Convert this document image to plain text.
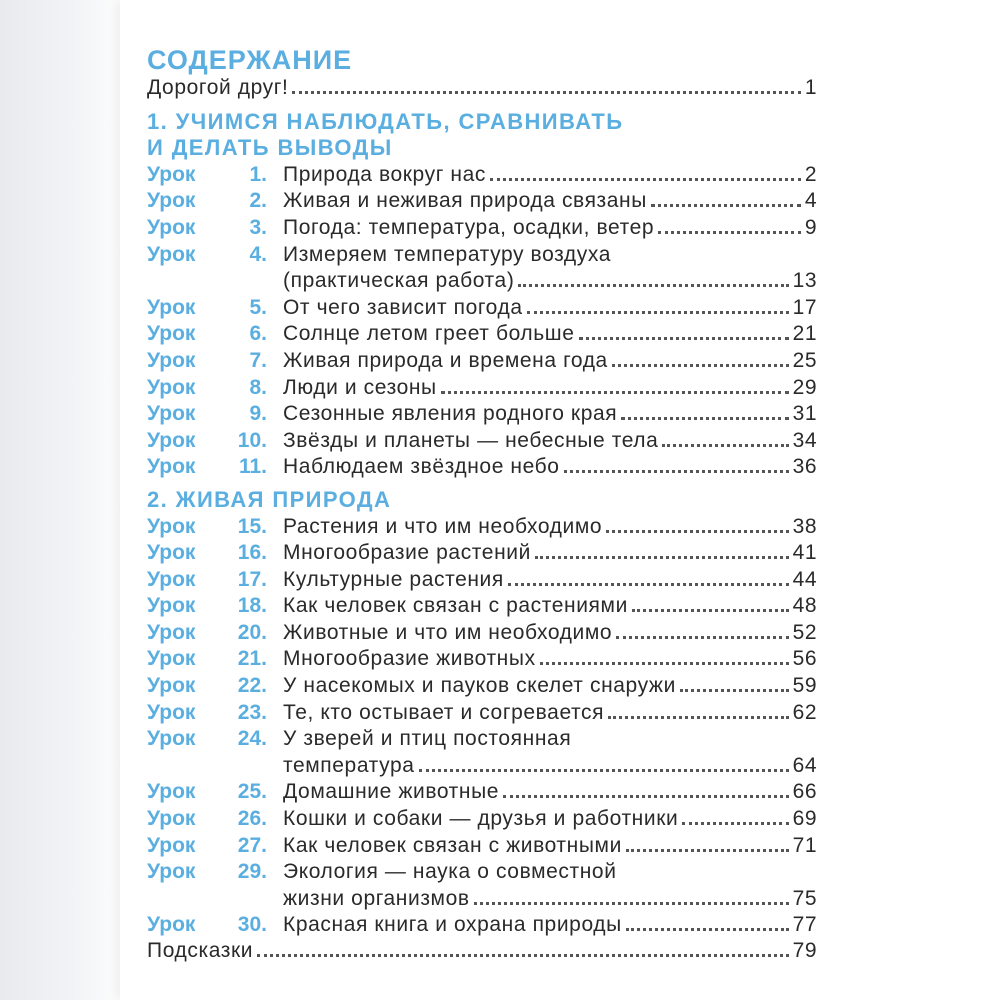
СОДЕРЖАНИЕ
Дорогой друг!	1
1. УЧИМСЯ НАБЛЮДАТЬ, СРАВНИВАТЬ
И ДЕЛАТЬ ВЫВОДЫ
Урок	1. Природа вокруг нас	2
Урок	2. Живая и неживая природа связаны	4
Урок	3. Погода: температура, осадки, ветер	9
Урок	4. Измеряем температуру воздуха
(практическая работа)	13
Урок	5. От чего зависит погода	17
Урок	6. Солнце летом греет больше	21
Урок	7. Живая природа и времена года	25
Урок	8. Люди и сезоны	29
Урок	9. Сезонные явления родного края	31
Урок	10. Звёзды и планеты — небесные тела	34
Урок	11. Наблюдаем звёздное небо	36
2. ЖИВАЯ ПРИРОДА
Урок	15. Растения и что им необходимо	38
Урок	16. Многообразие растений	41
Урок	17. Культурные растения	44
Урок	18. Как человек связан с растениями	48
Урок	20. Животные и что им необходимо	52
Урок	21. Многообразие животных	56
Урок	22. У насекомых и пауков скелет снаружи	59
Урок	23. Те, кто остывает и согревается	62
Урок	24. У зверей и птиц постоянная
температура	64
Урок	25. Домашние животные	66
Урок	26. Кошки и собаки — друзья и работники	69
Урок	27. Как человек связан с животными	71
Урок	29. Экология — наука о совместной
жизни организмов	75
Урок	30. Красная книга и охрана природы	77
Подсказки	79
